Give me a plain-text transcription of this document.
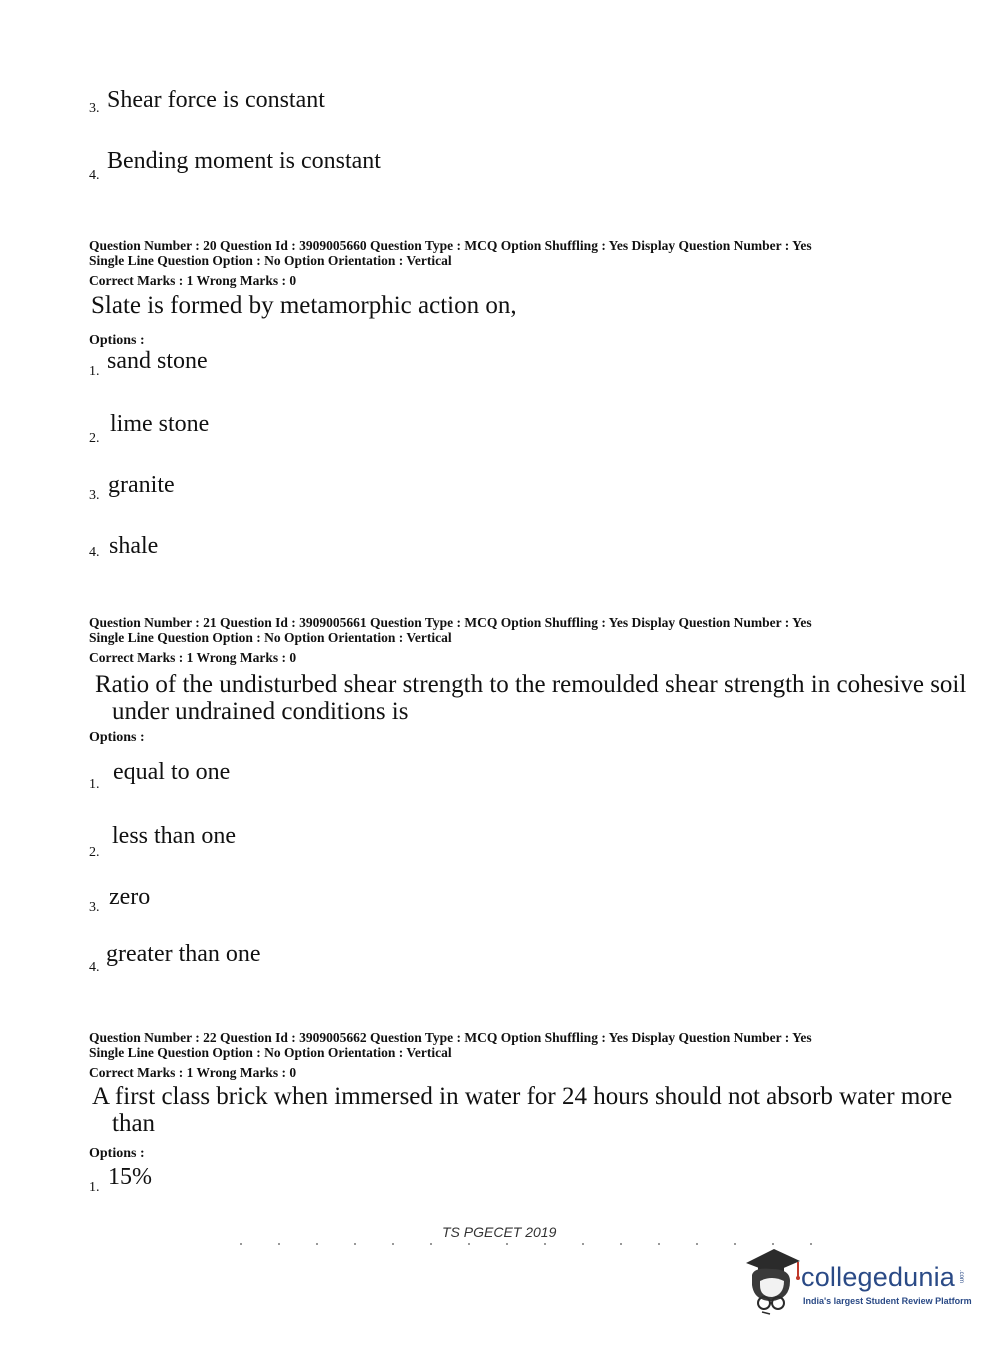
3. Shear force is constant
4.
Bending moment is constant
Question Number : 20 Question Id : 3909005660 Question Type : MCQ Option Shuffling : Yes Display Question Number : Yes
Single Line Question Option : No Option Orientation : Vertical
Correct Marks : 1 Wrong Marks : 0
Slate is formed by metamorphic action on,
Options :
1. sand stone
2.
lime stone
3. granite
4. shale
Question Number : 21 Question Id : 3909005661 Question Type : MCQ Option Shuffling : Yes Display Question Number : Yes
Single Line Question Option : No Option Orientation : Vertical
Correct Marks : 1 Wrong Marks : 0
Ratio of the undisturbed shear strength to the remoulded shear strength in cohesive soil
under undrained conditions is
Options :
1. equal to one
2.
less than one
3. zero
4.
greater than one
Question Number : 22 Question Id : 3909005662 Question Type : MCQ Option Shuffling : Yes Display Question Number : Yes
Single Line Question Option : No Option Orientation : Vertical
Correct Marks : 1 Wrong Marks : 0
A first class brick when immersed in water for 24 hours should not absorb water more
than
Options :
1. 15%
TS PGECET 2019
collegedunia .com
India's largest Student Review Platform
